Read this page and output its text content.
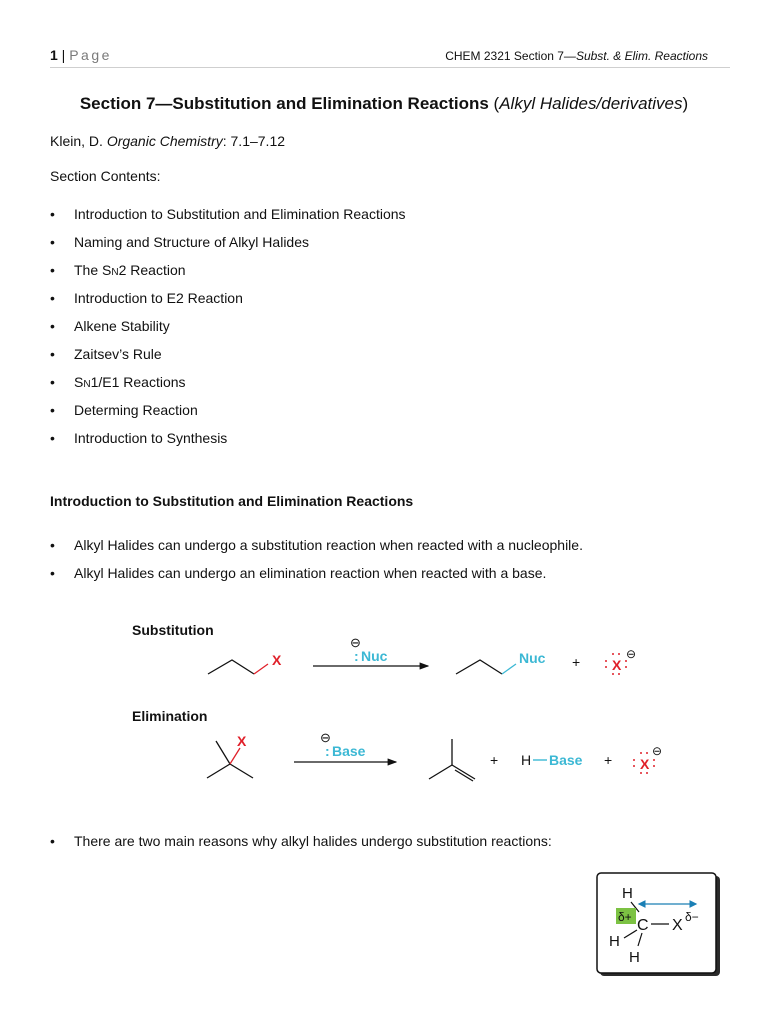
1 | Page	CHEM 2321 Section 7—Subst. & Elim. Reactions
Section 7—Substitution and Elimination Reactions (Alkyl Halides/derivatives)
Klein, D. Organic Chemistry: 7.1–7.12
Section Contents:
• Introduction to Substitution and Elimination Reactions
• Naming and Structure of Alkyl Halides
• The SN2 Reaction
• Introduction to E2 Reaction
• Alkene Stability
• Zaitsev’s Rule
• SN1/E1 Reactions
• Determing Reaction
• Introduction to Synthesis
Introduction to Substitution and Elimination Reactions
• Alkyl Halides can undergo a substitution reaction when reacted with a nucleophile.
• Alkyl Halides can undergo an elimination reaction when reacted with a base.
Substitution
X
⊖
: Nuc	Nuc + X
⊖
Elimination
X	⊖
: Base
+ H Base + X
⊖
• There are two main reasons why alkyl halides undergo substitution reactions:
H
δ+ C X δ−
H
H
